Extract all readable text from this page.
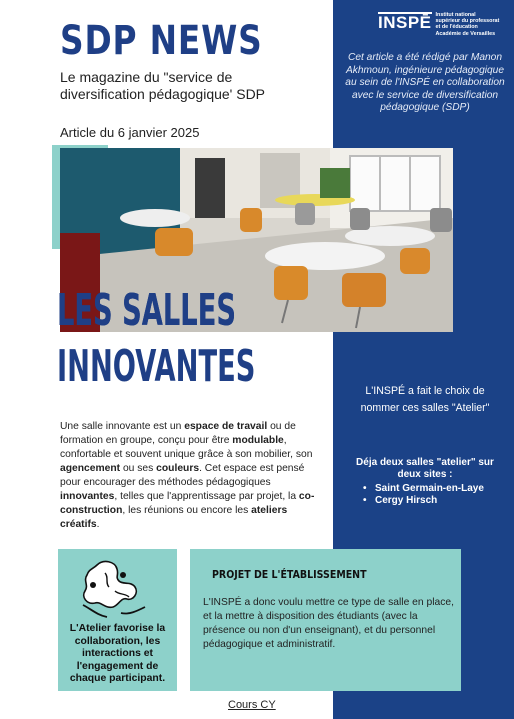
INSPĒ Institut national
supérieur du professorat
et de l'éducation
Académie de Versailles
Cet article a été rédigé par Manon Akhmoun, ingénieure pédagogique au sein de l'INSPÉ en collaboration avec le service de diversification pédagogique (SDP)
SDP NEWS
Le magazine du "service de diversification pédagogique' SDP
Article du 6 janvier 2025
LES SALLES
INNOVANTES	L'INSPÉ a fait le choix de nommer ces salles "Atelier"
Déja deux salles "atelier" sur deux sites :
• Saint Germain-en-Laye
• Cergy Hirsch
Une salle innovante est un espace de travail ou de formation en groupe, conçu pour être modulable, confortable et souvent unique grâce à son mobilier, son agencement ou ses couleurs. Cet espace est pensé pour encourager des méthodes pédagogiques innovantes, telles que l'apprentissage par projet, la co-construction, les réunions ou encore les ateliers créatifs.
L'Atelier favorise la collaboration, les interactions et l'engagement de chaque participant.
PROJET DE L'ÉTABLISSEMENT
L'INSPÉ a donc voulu mettre ce type de salle en place, et la mettre à disposition des étudiants (avec la présence ou non d'un enseignant), et du personnel pédagogique et administratif.
Cours CY
